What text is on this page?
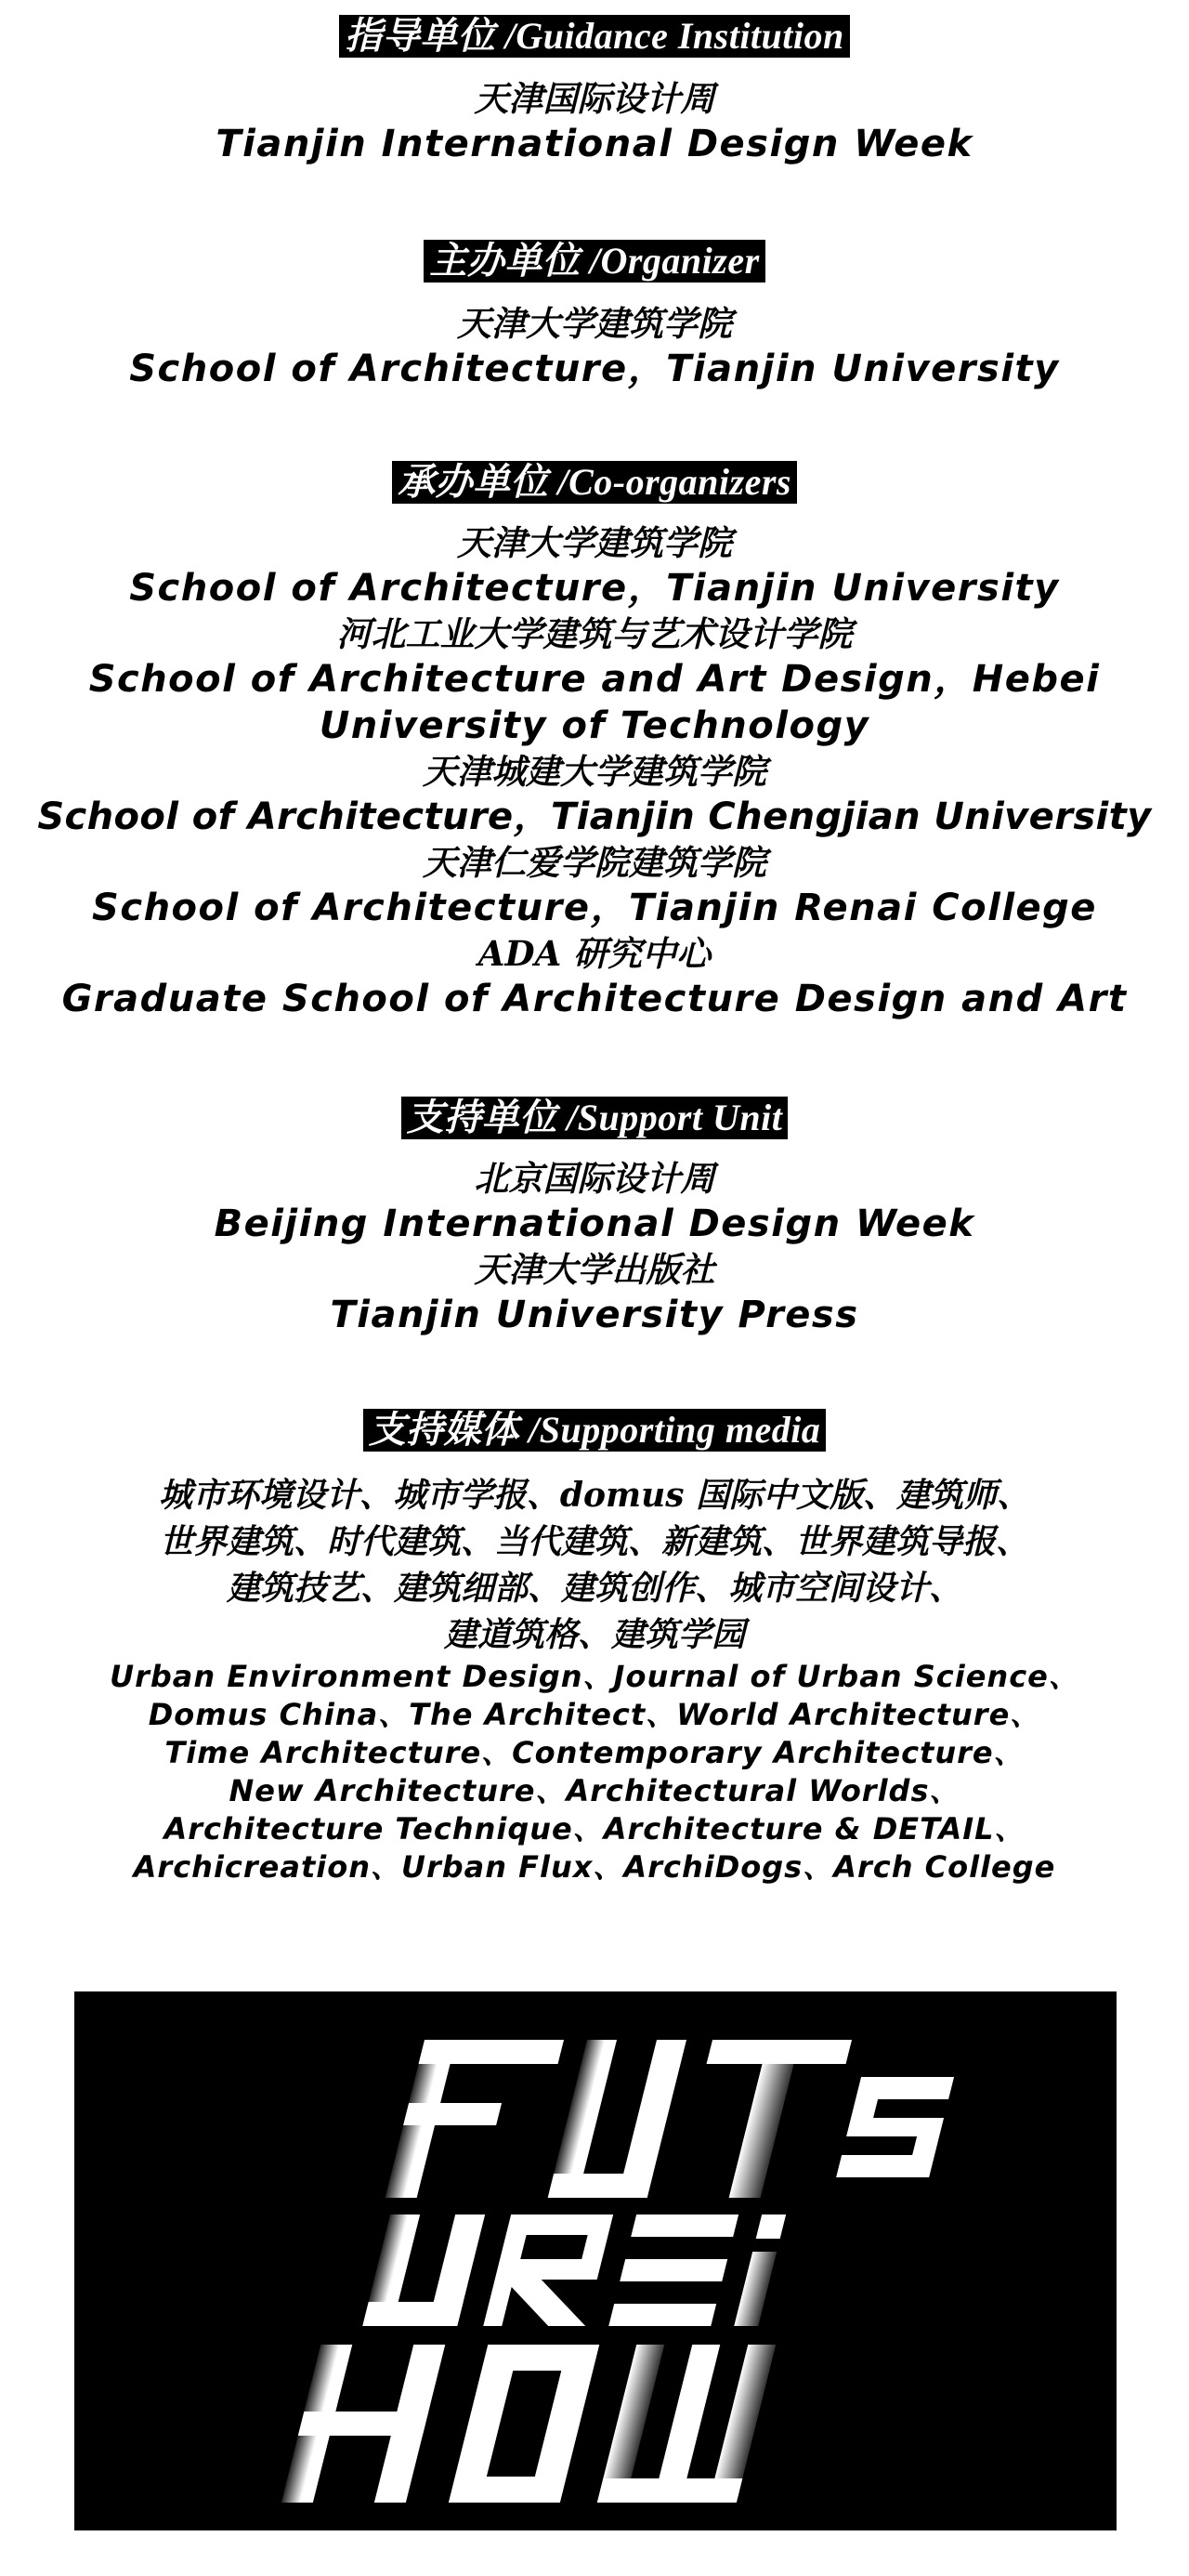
指导单位 /Guidance Institution
天津国际设计周
Tianjin International Design Week
主办单位 /Organizer
天津大学建筑学院
School of Architecture，Tianjin University
承办单位 /Co-organizers
天津大学建筑学院
School of Architecture，Tianjin University
河北工业大学建筑与艺术设计学院
School of Architecture and Art Design，Hebei
University of Technology
天津城建大学建筑学院
School of Architecture，Tianjin Chengjian University
天津仁爱学院建筑学院
School of Architecture，Tianjin Renai College
ADA 研究中心
Graduate School of Architecture Design and Art
支持单位 /Support Unit
北京国际设计周
Beijing International Design Week
天津大学出版社
Tianjin University Press
支持媒体 /Supporting media
城市环境设计、城市学报、domus 国际中文版、建筑师、
世界建筑、时代建筑、当代建筑、新建筑、世界建筑导报、
建筑技艺、建筑细部、建筑创作、城市空间设计、
建道筑格、建筑学园
Urban Environment Design、Journal of Urban Science、
Domus China、The Architect、World Architecture、
Time Architecture、Contemporary Architecture、
New Architecture、Architectural Worlds、
Architecture Technique、Architecture & DETAIL、
Archicreation、Urban Flux、ArchiDogs、Arch College
